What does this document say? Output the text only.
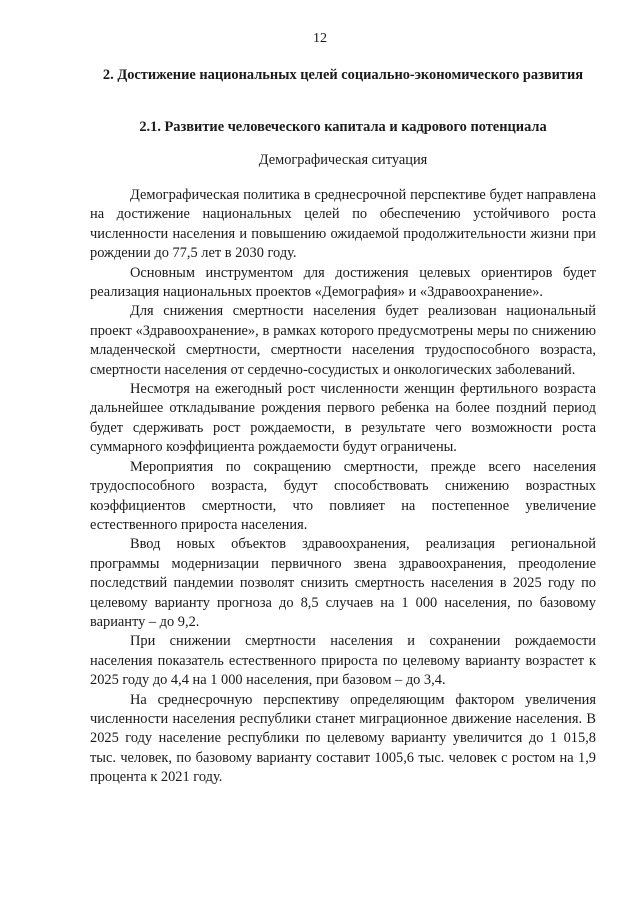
12
2. Достижение национальных целей социально-экономического развития
2.1. Развитие человеческого капитала и кадрового потенциала
Демографическая ситуация

Демографическая политика в среднесрочной перспективе будет направлена на достижение национальных целей по обеспечению устойчивого роста численности населения и повышению ожидаемой продолжительности жизни при рождении до 77,5 лет в 2030 году.

Основным инструментом для достижения целевых ориентиров будет реализация национальных проектов «Демография» и «Здравоохранение».

Для снижения смертности населения будет реализован национальный проект «Здравоохранение», в рамках которого предусмотрены меры по снижению младенческой смертности, смертности населения трудоспособного возраста, смертности населения от сердечно-сосудистых и онкологических заболеваний.

Несмотря на ежегодный рост численности женщин фертильного возраста дальнейшее откладывание рождения первого ребенка на более поздний период будет сдерживать рост рождаемости, в результате чего возможности роста суммарного коэффициента рождаемости будут ограничены.

Мероприятия по сокращению смертности, прежде всего населения трудоспособного возраста, будут способствовать снижению возрастных коэффициентов смертности, что повлияет на постепенное увеличение естественного прироста населения.

Ввод новых объектов здравоохранения, реализация региональной программы модернизации первичного звена здравоохранения, преодоление последствий пандемии позволят снизить смертность населения в 2025 году по целевому варианту прогноза до 8,5 случаев на 1 000 населения, по базовому варианту – до 9,2.

При снижении смертности населения и сохранении рождаемости населения показатель естественного прироста по целевому варианту возрастет к 2025 году до 4,4 на 1 000 населения, при базовом – до 3,4.

На среднесрочную перспективу определяющим фактором увеличения численности населения республики станет миграционное движение населения. В 2025 году население республики по целевому варианту увеличится до 1 015,8 тыс. человек, по базовому варианту составит 1005,6 тыс. человек с ростом на 1,9 процента к 2021 году.
